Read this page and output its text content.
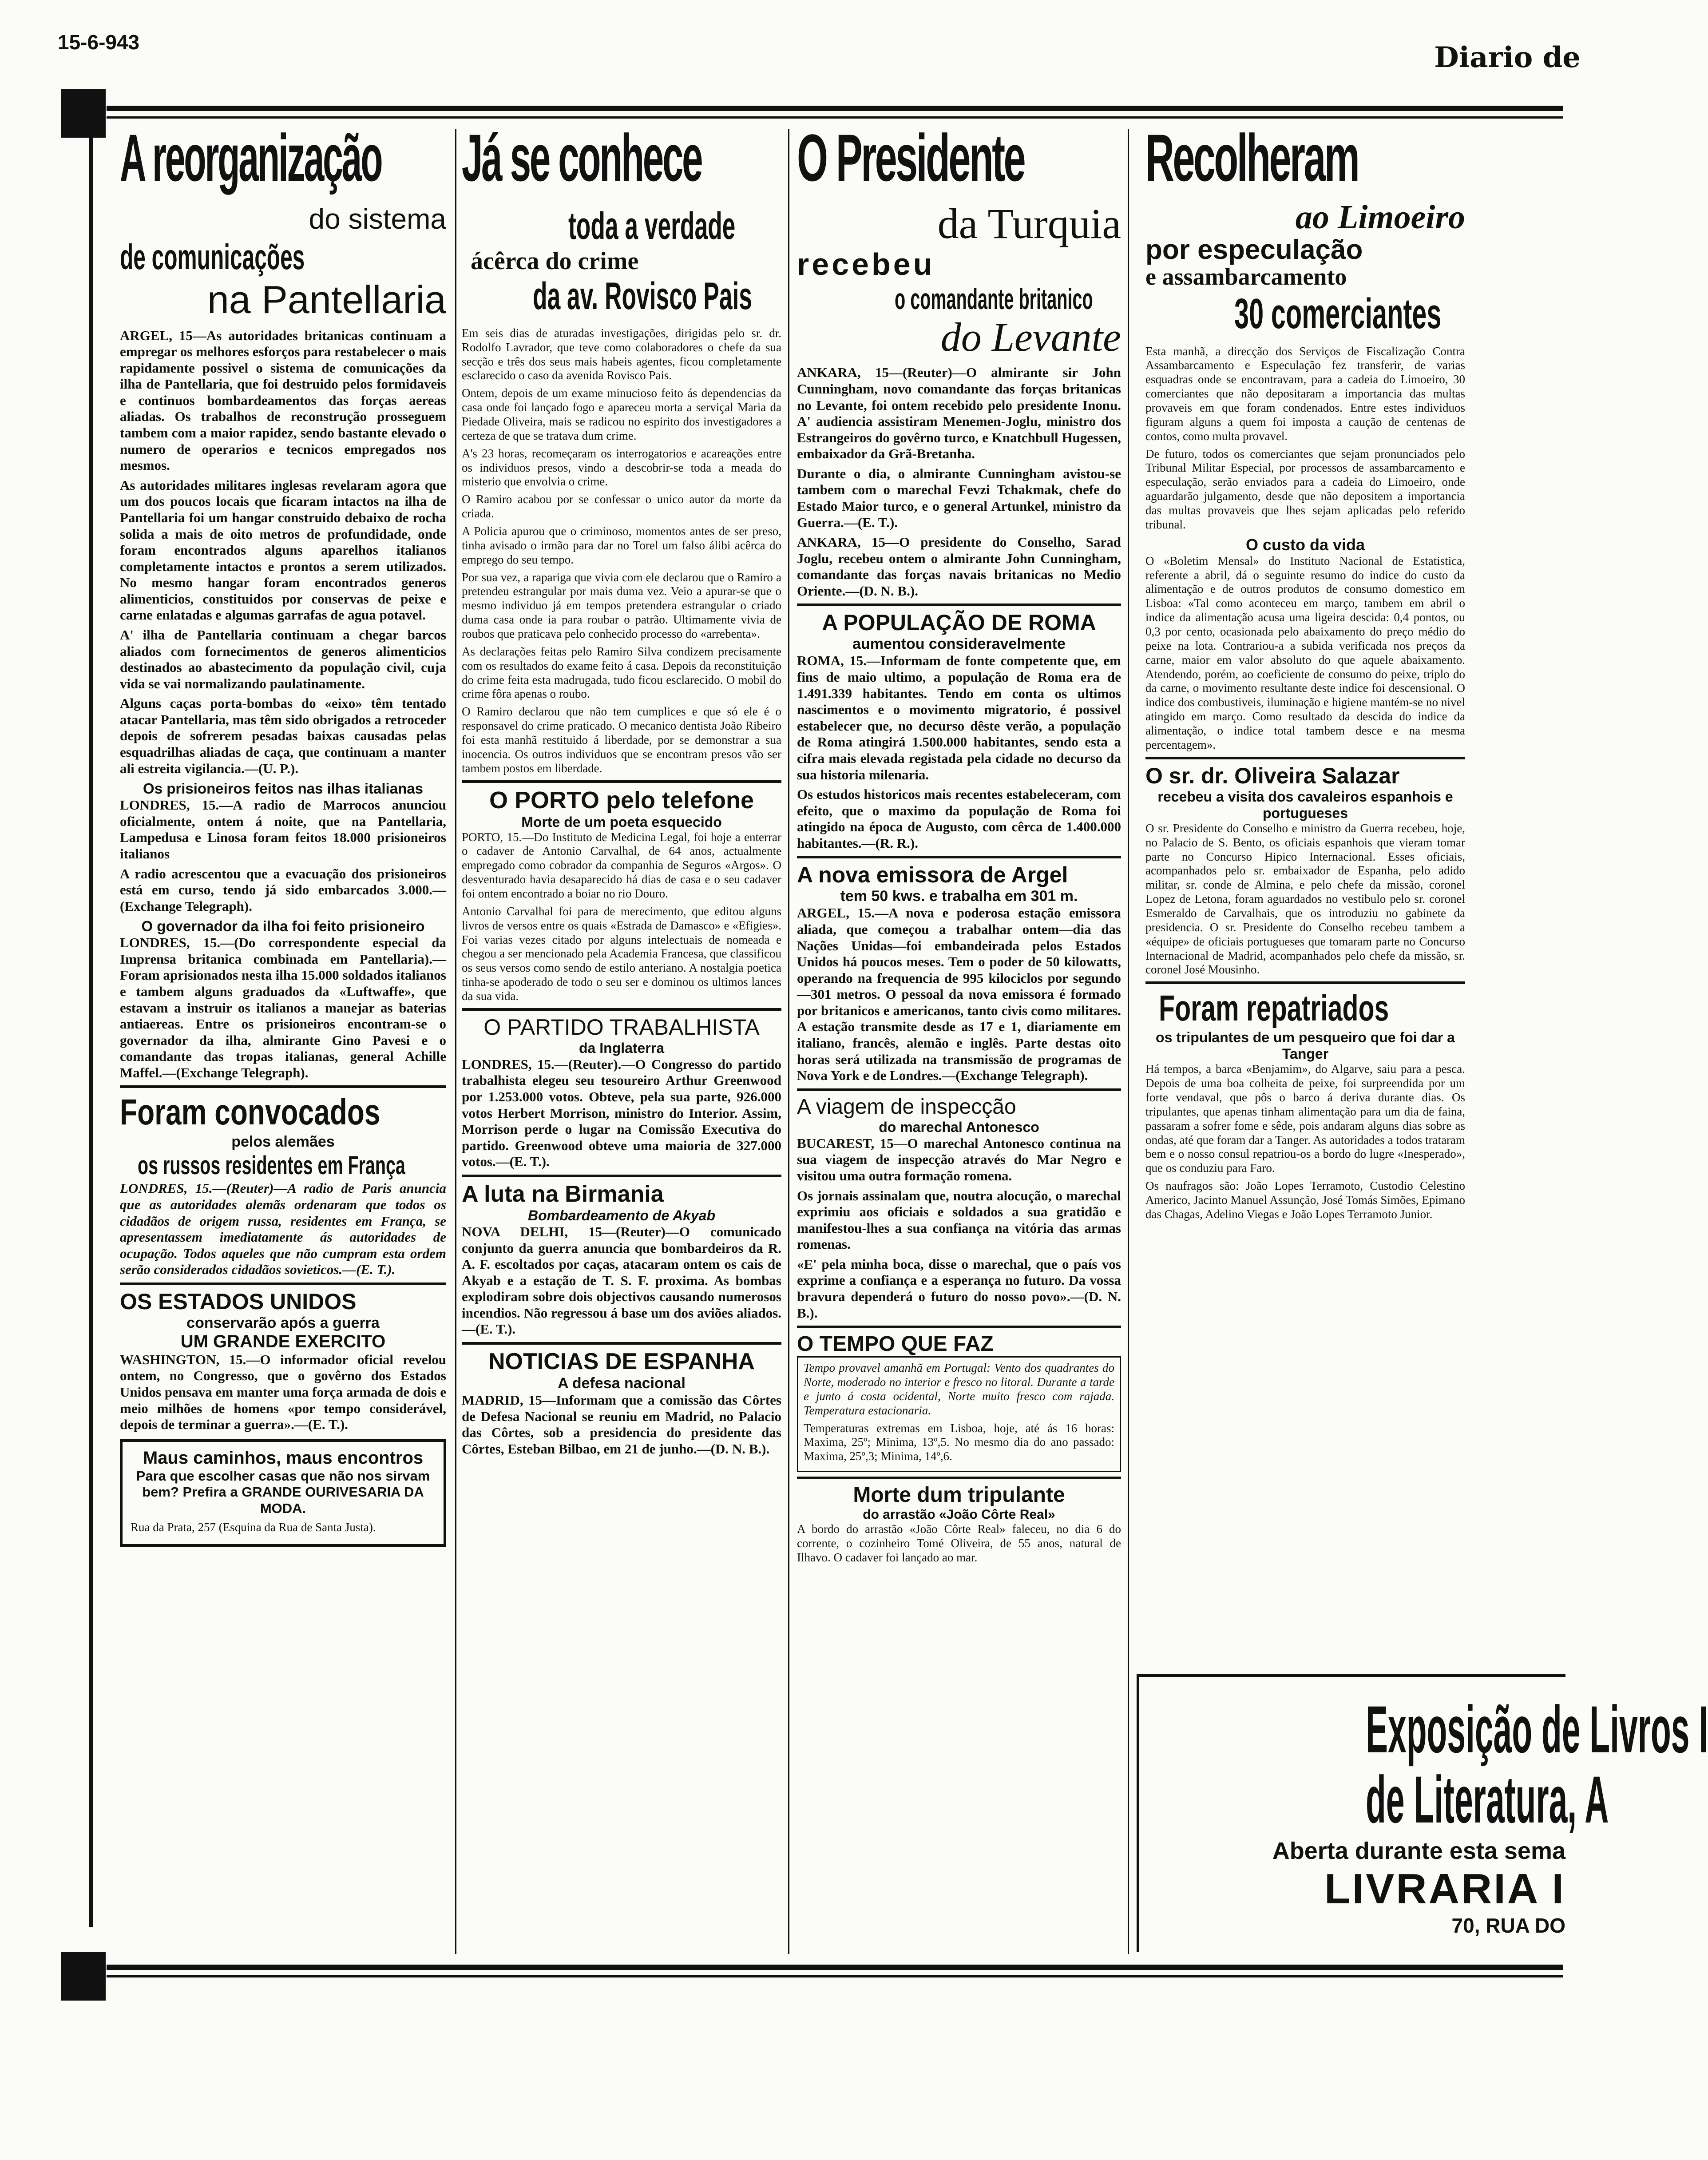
15-6-943	Diario de
A reorganização
do sistema
de comunicações
na Pantellaria

ARGEL, 15—As autoridades britanicas continuam a empregar os melhores esforços para restabelecer o mais rapidamente possivel o sistema de comunicações da ilha de Pantellaria, que foi destruido pelos formidaveis e continuos bombardeamentos das forças aereas aliadas. Os trabalhos de reconstrução prosseguem tambem com a maior rapidez, sendo bastante elevado o numero de operarios e tecnicos empregados nos mesmos.

As autoridades militares inglesas revelaram agora que um dos poucos locais que ficaram intactos na ilha de Pantellaria foi um hangar construido debaixo de rocha solida a mais de oito metros de profundidade, onde foram encontrados alguns aparelhos italianos completamente intactos e prontos a serem utilizados. No mesmo hangar foram encontrados generos alimenticios, constituidos por conservas de peixe e carne enlatadas e algumas garrafas de agua potavel.

A' ilha de Pantellaria continuam a chegar barcos aliados com fornecimentos de generos alimenticios destinados ao abastecimento da população civil, cuja vida se vai normalizando paulatinamente.

Alguns caças porta-bombas do «eixo» têm tentado atacar Pantellaria, mas têm sido obrigados a retroceder depois de sofrerem pesadas baixas causadas pelas esquadrilhas aliadas de caça, que continuam a manter ali estreita vigilancia.—(U. P.).

Os prisioneiros feitos nas ilhas italianas

LONDRES, 15.—A radio de Marrocos anunciou oficialmente, ontem á noite, que na Pantellaria, Lampedusa e Linosa foram feitos 18.000 prisioneiros italianos

A radio acrescentou que a evacuação dos prisioneiros está em curso, tendo já sido embarcados 3.000.—(Exchange Telegraph).

O governador da ilha foi feito prisioneiro

LONDRES, 15.—(Do correspondente especial da Imprensa britanica combinada em Pantellaria).—Foram aprisionados nesta ilha 15.000 soldados italianos e tambem alguns graduados da «Luftwaffe», que estavam a instruir os italianos a manejar as baterias antiaereas. Entre os prisioneiros encontram-se o governador da ilha, almirante Gino Pavesi e o comandante das tropas italianas, general Achille Maffel.—(Exchange Telegraph).

Foram convocados
pelos alemães
os russos residentes em França

LONDRES, 15.—(Reuter)—A radio de Paris anuncia que as autoridades alemãs ordenaram que todos os cidadãos de origem russa, residentes em França, se apresentassem imediatamente ás autoridades de ocupação. Todos aqueles que não cumpram esta ordem serão considerados cidadãos sovieticos.—(E. T.).

OS ESTADOS UNIDOS
conservarão após a guerra
UM GRANDE EXERCITO

WASHINGTON, 15.—O informador oficial revelou ontem, no Congresso, que o govêrno dos Estados Unidos pensava em manter uma força armada de dois e meio milhões de homens «por tempo considerável, depois de terminar a guerra».—(E. T.).

Maus caminhos, maus encontros

Para que escolher casas que não nos sirvam bem? Prefira a GRANDE OURIVESARIA DA MODA.

Rua da Prata, 257 (Esquina da Rua de Santa Justa).

Já se conhece
toda a verdade
ácêrca do crime
da av. Rovisco Pais

Em seis dias de aturadas investigações, dirigidas pelo sr. dr. Rodolfo Lavrador, que teve como colaboradores o chefe da sua secção e três dos seus mais habeis agentes, ficou completamente esclarecido o caso da avenida Rovisco Pais.

Ontem, depois de um exame minucioso feito ás dependencias da casa onde foi lançado fogo e apareceu morta a serviçal Maria da Piedade Oliveira, mais se radicou no espirito dos investigadores a certeza de que se tratava dum crime.

A's 23 horas, recomeçaram os interrogatorios e acareações entre os individuos presos, vindo a descobrir-se toda a meada do misterio que envolvia o crime.

O Ramiro acabou por se confessar o unico autor da morte da criada.

A Policia apurou que o criminoso, momentos antes de ser preso, tinha avisado o irmão para dar no Torel um falso álibi acêrca do emprego do seu tempo.

Por sua vez, a rapariga que vivia com ele declarou que o Ramiro a pretendeu estrangular por mais duma vez. Veio a apurar-se que o mesmo individuo já em tempos pretendera estrangular o criado duma casa onde ia para roubar o patrão. Ultimamente vivia de roubos que praticava pelo conhecido processo do «arrebenta».

As declarações feitas pelo Ramiro Silva condizem precisamente com os resultados do exame feito á casa. Depois da reconstituição do crime feita esta madrugada, tudo ficou esclarecido. O mobil do crime fôra apenas o roubo.

O Ramiro declarou que não tem cumplices e que só ele é o responsavel do crime praticado. O mecanico dentista João Ribeiro foi esta manhã restituido á liberdade, por se demonstrar a sua inocencia. Os outros individuos que se encontram presos vão ser tambem postos em liberdade.

O PORTO pelo telefone
Morte de um poeta esquecido

PORTO, 15.—Do Instituto de Medicina Legal, foi hoje a enterrar o cadaver de Antonio Carvalhal, de 64 anos, actualmente empregado como cobrador da companhia de Seguros «Argos». O desventurado havia desaparecido há dias de casa e o seu cadaver foi ontem encontrado a boiar no rio Douro.

Antonio Carvalhal foi para de merecimento, que editou alguns livros de versos entre os quais «Estrada de Damasco» e «Efigies». Foi varias vezes citado por alguns intelectuais de nomeada e chegou a ser mencionado pela Academia Francesa, que classificou os seus versos como sendo de estilo anteriano. A nostalgia poetica tinha-se apoderado de todo o seu ser e dominou os ultimos lances da sua vida.

O PARTIDO TRABALHISTA
da Inglaterra

LONDRES, 15.—(Reuter).—O Congresso do partido trabalhista elegeu seu tesoureiro Arthur Greenwood por 1.253.000 votos. Obteve, pela sua parte, 926.000 votos Herbert Morrison, ministro do Interior. Assim, Morrison perde o lugar na Comissão Executiva do partido. Greenwood obteve uma maioria de 327.000 votos.—(E. T.).

A luta na Birmania
Bombardeamento de Akyab

NOVA DELHI, 15—(Reuter)—O comunicado conjunto da guerra anuncia que bombardeiros da R. A. F. escoltados por caças, atacaram ontem os cais de Akyab e a estação de T. S. F. proxima. As bombas explodiram sobre dois objectivos causando numerosos incendios. Não regressou á base um dos aviões aliados.—(E. T.).

NOTICIAS DE ESPANHA
A defesa nacional

MADRID, 15—Informam que a comissão das Côrtes de Defesa Nacional se reuniu em Madrid, no Palacio das Côrtes, sob a presidencia do presidente das Côrtes, Esteban Bilbao, em 21 de junho.—(D. N. B.).

O Presidente
da Turquia
recebeu
o comandante britanico
do Levante

ANKARA, 15—(Reuter)—O almirante sir John Cunningham, novo comandante das forças britanicas no Levante, foi ontem recebido pelo presidente Inonu. A' audiencia assistiram Menemen-Joglu, ministro dos Estrangeiros do govêrno turco, e Knatchbull Hugessen, embaixador da Grã-Bretanha.

Durante o dia, o almirante Cunningham avistou-se tambem com o marechal Fevzi Tchakmak, chefe do Estado Maior turco, e o general Artunkel, ministro da Guerra.—(E. T.).

ANKARA, 15—O presidente do Conselho, Sarad Joglu, recebeu ontem o almirante John Cunningham, comandante das forças navais britanicas no Medio Oriente.—(D. N. B.).

A POPULAÇÃO DE ROMA
aumentou consideravelmente

ROMA, 15.—Informam de fonte competente que, em fins de maio ultimo, a população de Roma era de 1.491.339 habitantes. Tendo em conta os ultimos nascimentos e o movimento migratorio, é possivel estabelecer que, no decurso dêste verão, a população de Roma atingirá 1.500.000 habitantes, sendo esta a cifra mais elevada registada pela cidade no decurso da sua historia milenaria.

Os estudos historicos mais recentes estabeleceram, com efeito, que o maximo da população de Roma foi atingido na época de Augusto, com cêrca de 1.400.000 habitantes.—(R. R.).

A nova emissora de Argel
tem 50 kws. e trabalha em 301 m.

ARGEL, 15.—A nova e poderosa estação emissora aliada, que começou a trabalhar ontem—dia das Nações Unidas—foi embandeirada pelos Estados Unidos há poucos meses. Tem o poder de 50 kilowatts, operando na frequencia de 995 kilociclos por segundo—301 metros. O pessoal da nova emissora é formado por britanicos e americanos, tanto civis como militares. A estação transmite desde as 17 e 1, diariamente em italiano, francês, alemão e inglês. Parte destas oito horas será utilizada na transmissão de programas de Nova York e de Londres.—(Exchange Telegraph).

A viagem de inspecção
do marechal Antonesco

BUCAREST, 15—O marechal Antonesco continua na sua viagem de inspecção através do Mar Negro e visitou uma outra formação romena.

Os jornais assinalam que, noutra alocução, o marechal exprimiu aos oficiais e soldados a sua gratidão e manifestou-lhes a sua confiança na vitória das armas romenas.

«E' pela minha boca, disse o marechal, que o país vos exprime a confiança e a esperança no futuro. Da vossa bravura dependerá o futuro do nosso povo».—(D. N. B.).

O TEMPO QUE FAZ

Tempo provavel amanhã em Portugal: Vento dos quadrantes do Norte, moderado no interior e fresco no litoral. Durante a tarde e junto á costa ocidental, Norte muito fresco com rajada. Temperatura estacionaria.

Temperaturas extremas em Lisboa, hoje, até ás 16 horas: Maxima, 25º; Minima, 13º,5. No mesmo dia do ano passado: Maxima, 25º,3; Minima, 14º,6.

Morte dum tripulante
do arrastão «João Côrte Real»

A bordo do arrastão «João Côrte Real» faleceu, no dia 6 do corrente, o cozinheiro Tomé Oliveira, de 55 anos, natural de Ilhavo. O cadaver foi lançado ao mar.

Recolheram
ao Limoeiro
por especulação
e assambarcamento
30 comerciantes

Esta manhã, a direcção dos Serviços de Fiscalização Contra Assambarcamento e Especulação fez transferir, de varias esquadras onde se encontravam, para a cadeia do Limoeiro, 30 comerciantes que não depositaram a importancia das multas provaveis em que foram condenados. Entre estes individuos figuram alguns a quem foi imposta a caução de centenas de contos, como multa provavel.

De futuro, todos os comerciantes que sejam pronunciados pelo Tribunal Militar Especial, por processos de assambarcamento e especulação, serão enviados para a cadeia do Limoeiro, onde aguardarão julgamento, desde que não depositem a importancia das multas provaveis que lhes sejam aplicadas pelo referido tribunal.

O custo da vida

O «Boletim Mensal» do Instituto Nacional de Estatistica, referente a abril, dá o seguinte resumo do indice do custo da alimentação e de outros produtos de consumo domestico em Lisboa: «Tal como aconteceu em março, tambem em abril o indice da alimentação acusa uma ligeira descida: 0,4 pontos, ou 0,3 por cento, ocasionada pelo abaixamento do preço médio do peixe na lota. Contrariou-a a subida verificada nos preços da carne, maior em valor absoluto do que aquele abaixamento. Atendendo, porém, ao coeficiente de consumo do peixe, triplo do da carne, o movimento resultante deste indice foi descensional. O indice dos combustiveis, iluminação e higiene mantém-se no nivel atingido em março. Como resultado da descida do indice da alimentação, o indice total tambem desce e na mesma percentagem».

O sr. dr. Oliveira Salazar
recebeu a visita dos cavaleiros espanhois e portugueses

O sr. Presidente do Conselho e ministro da Guerra recebeu, hoje, no Palacio de S. Bento, os oficiais espanhois que vieram tomar parte no Concurso Hipico Internacional. Esses oficiais, acompanhados pelo sr. embaixador de Espanha, pelo adido militar, sr. conde de Almina, e pelo chefe da missão, coronel Lopez de Letona, foram aguardados no vestibulo pelo sr. coronel Esmeraldo de Carvalhais, que os introduziu no gabinete da presidencia. O sr. Presidente do Conselho recebeu tambem a «équipe» de oficiais portugueses que tomaram parte no Concurso Internacional de Madrid, acompanhados pelo chefe da missão, sr. coronel José Mousinho.

Foram repatriados
os tripulantes de um pesqueiro que foi dar a Tanger

Há tempos, a barca «Benjamim», do Algarve, saiu para a pesca. Depois de uma boa colheita de peixe, foi surpreendida por um forte vendaval, que pôs o barco á deriva durante dias. Os tripulantes, que apenas tinham alimentação para um dia de faina, passaram a sofrer fome e sêde, pois andaram alguns dias sobre as ondas, até que foram dar a Tanger. As autoridades a todos trataram bem e o nosso consul repatriou-os a bordo do lugre «Inesperado», que os conduziu para Faro.

Os naufragos são: João Lopes Terramoto, Custodio Celestino Americo, Jacinto Manuel Assunção, José Tomás Simões, Epimano das Chagas, Adelino Viegas e João Lopes Terramoto Junior.

Exposição de Livros I
de Literatura, A
Aberta durante esta sema
LIVRARIA I
70, RUA DO
